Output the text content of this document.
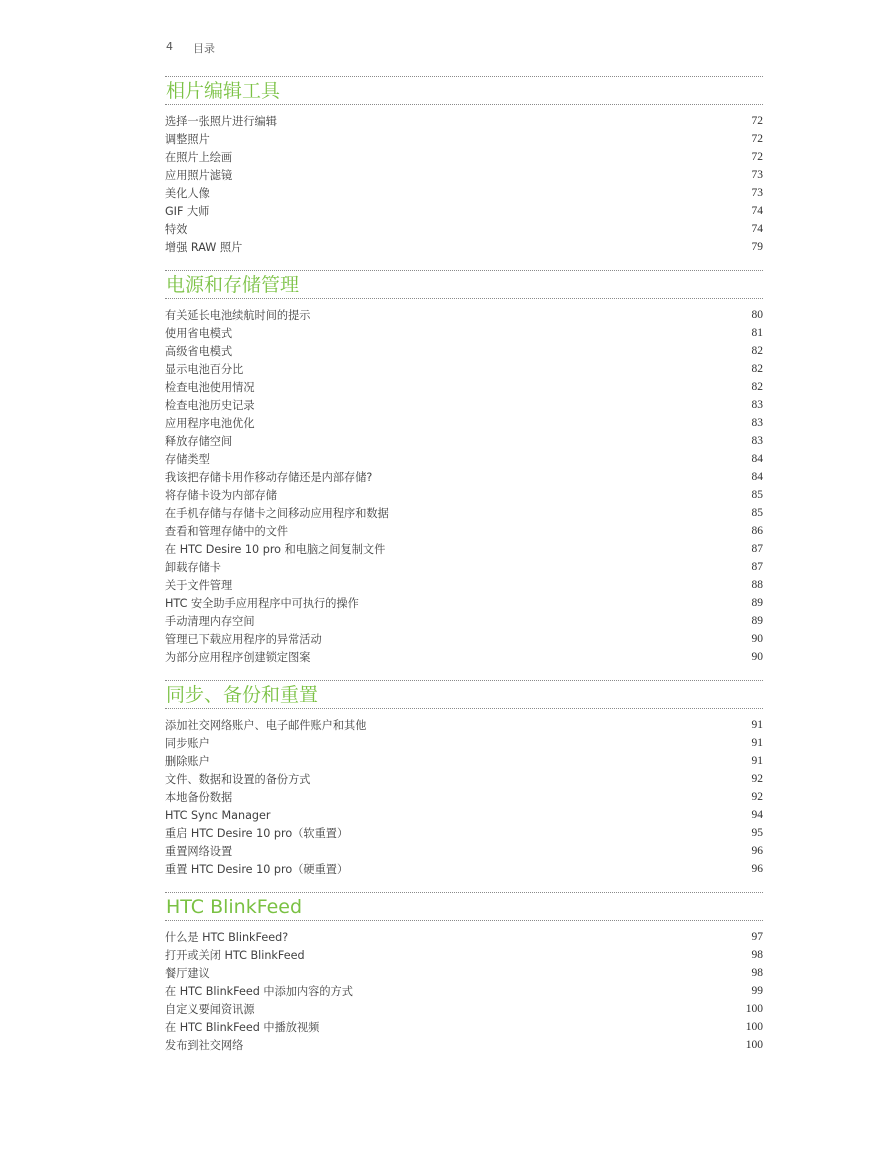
4 目录
相片编辑工具
选择一张照片进行编辑	72
调整照片	72
在照片上绘画	72
应用照片滤镜	73
美化人像	73
GIF 大师	74
特效	74
增强 RAW 照片	79
电源和存储管理
有关延长电池续航时间的提示	80
使用省电模式	81
高级省电模式	82
显示电池百分比	82
检查电池使用情况	82
检查电池历史记录	83
应用程序电池优化	83
释放存储空间	83
存储类型	84
我该把存储卡用作移动存储还是内部存储?	84
将存储卡设为内部存储	85
在手机存储与存储卡之间移动应用程序和数据	85
查看和管理存储中的文件	86
在 HTC Desire 10 pro 和电脑之间复制文件	87
卸载存储卡	87
关于文件管理	88
HTC 安全助手应用程序中可执行的操作	89
手动清理内存空间	89
管理已下载应用程序的异常活动	90
为部分应用程序创建锁定图案	90
同步、备份和重置
添加社交网络账户、电子邮件账户和其他	91
同步账户	91
删除账户	91
文件、数据和设置的备份方式	92
本地备份数据	92
HTC Sync Manager	94
重启 HTC Desire 10 pro（软重置）	95
重置网络设置	96
重置 HTC Desire 10 pro（硬重置）	96
HTC BlinkFeed
什么是 HTC BlinkFeed?	97
打开或关闭 HTC BlinkFeed	98
餐厅建议	98
在 HTC BlinkFeed 中添加内容的方式	99
自定义要闻资讯源	100
在 HTC BlinkFeed 中播放视频	100
发布到社交网络	100
